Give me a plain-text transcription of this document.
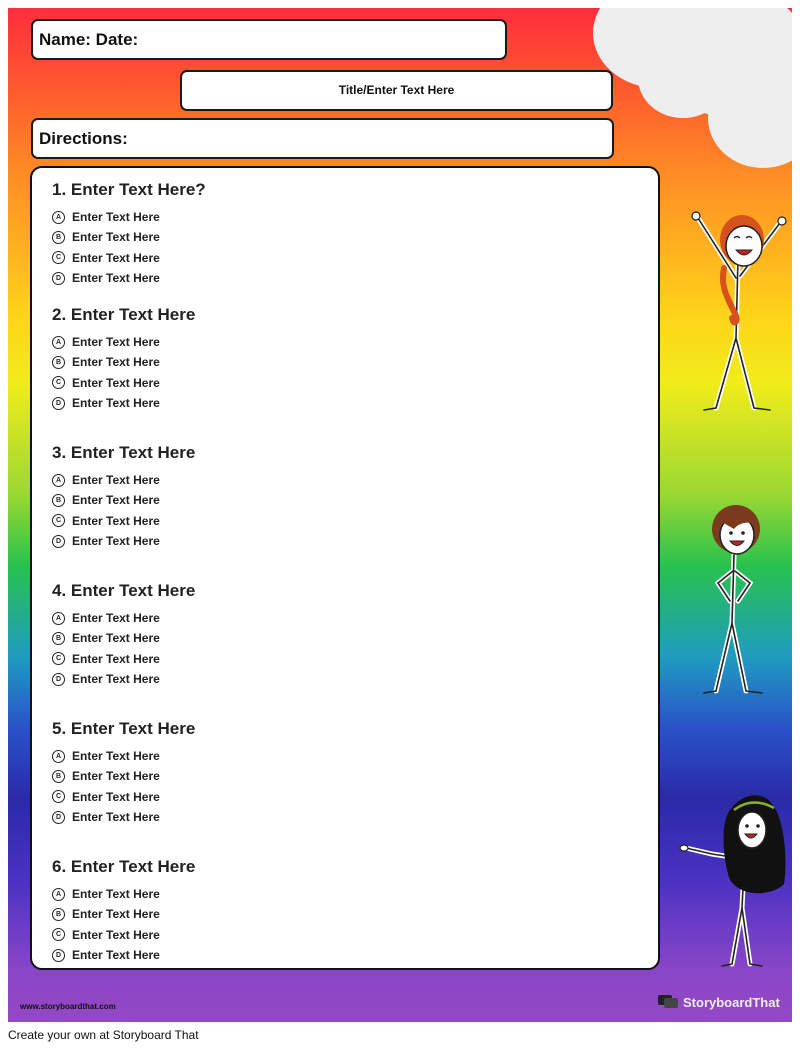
Name: Date:
Title/Enter Text Here
Directions:
1. Enter Text Here?
A Enter Text Here
B Enter Text Here
C Enter Text Here
D Enter Text Here
2. Enter Text Here
A Enter Text Here
B Enter Text Here
C Enter Text Here
D Enter Text Here
3. Enter Text Here
A Enter Text Here
B Enter Text Here
C Enter Text Here
D Enter Text Here
4. Enter Text Here
A Enter Text Here
B Enter Text Here
C Enter Text Here
D Enter Text Here
5. Enter Text Here
A Enter Text Here
B Enter Text Here
C Enter Text Here
D Enter Text Here
6. Enter Text Here
A Enter Text Here
B Enter Text Here
C Enter Text Here
D Enter Text Here
www.storyboardthat.com	StoryboardThat
Create your own at Storyboard That
